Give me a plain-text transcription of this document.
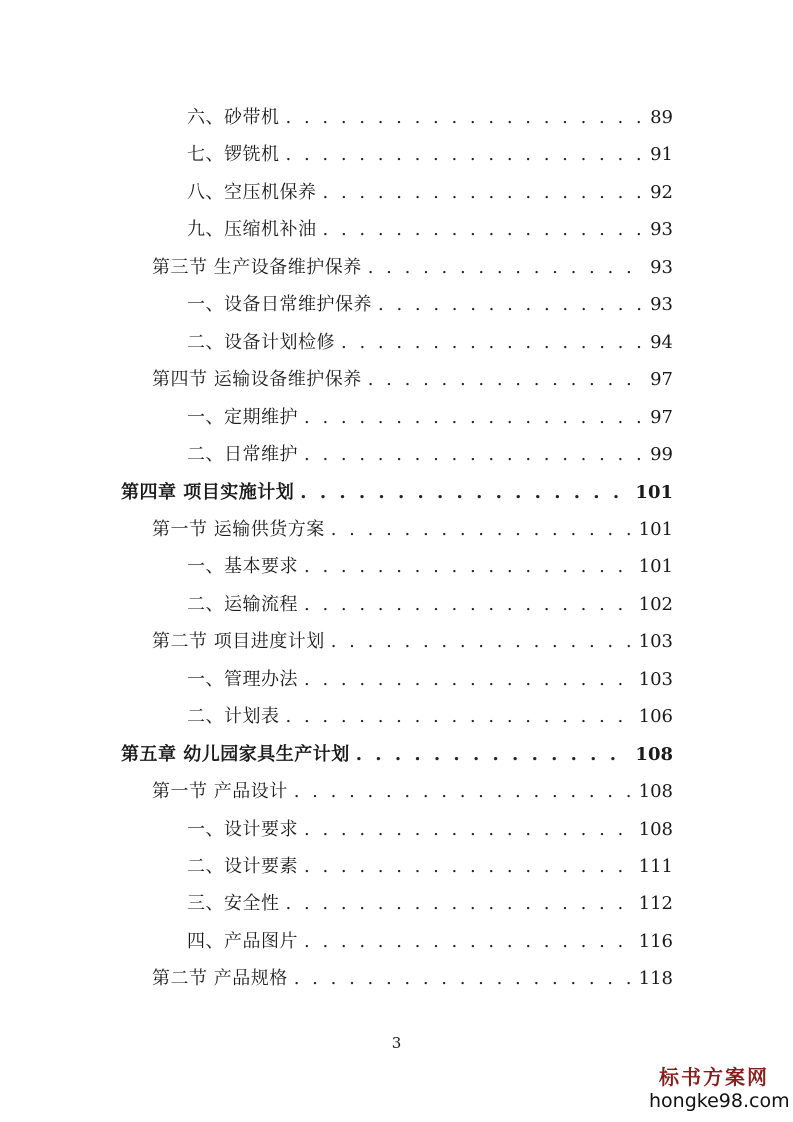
六、砂带机 . . .	89
七、锣铣机 . . .	91
八、空压机保养 . . .	92
九、压缩机补油 . . .	93
第三节 生产设备维护保养 . . .	93
一、设备日常维护保养 . . .	93
二、设备计划检修 . . .	94
第四节 运输设备维护保养 . . .	97
一、定期维护 . . .	97
二、日常维护 . . .	99
第四章 项目实施计划 . . .	101
第一节 运输供货方案 . . .	101
一、基本要求 . . .	101
二、运输流程 . . .	102
第二节 项目进度计划 . . .	103
一、管理办法 . . .	103
二、计划表 . . .	106
第五章 幼儿园家具生产计划 . . .	108
第一节 产品设计 . . .	108
一、设计要求 . . .	108
二、设计要素 . . .	111
三、安全性 . . .	112
四、产品图片 . . .	116
第二节 产品规格 . . .	118
3
标书方案网
hongke98.com
